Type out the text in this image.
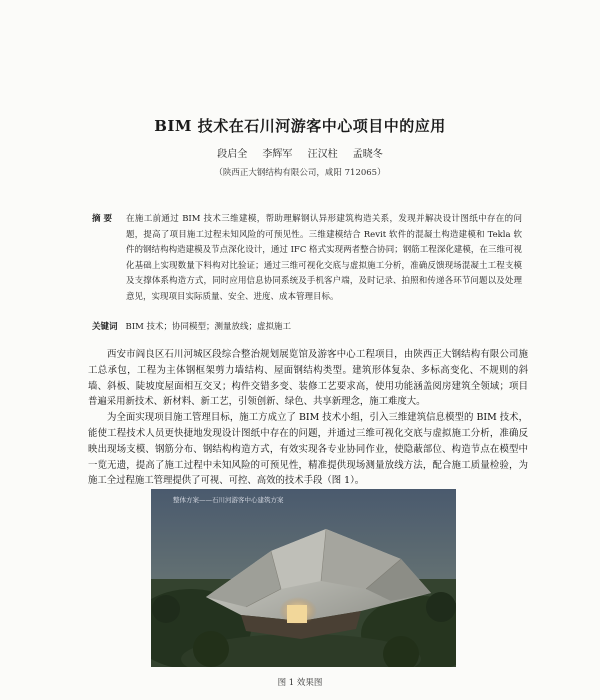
BIM 技术在石川河游客中心项目中的应用
段启全 李辉军 汪汉柱 孟晓冬
（陕西正大钢结构有限公司，咸阳 712065）
摘 要	在施工前通过 BIM 技术三维建模，帮助理解钢认异形建筑构造关系，发现并解决设计图纸中存在的问题，提高了项目施工过程未知风险的可预见性。三维建模结合 Revit 软件的混凝土构造建模和 Tekla 软件的钢结构构造建模及节点深化设计，通过 IFC 格式实现两者整合协同；钢筋工程深化建模，在三维可视化基础上实现数量下料构对比验证；通过三维可视化交底与虚拟施工分析，准确反馈现场混凝土工程支模及支撑体系构造方式，同时应用信息协同系统及手机客户端，及时记录、拍照和传递各环节问题以及处理意见，实现项目实际质量、安全、进度、成本管理目标。
关键词 BIM 技术；协同模型；测量放线；虚拟施工

西安市阎良区石川河城区段综合整治规划展览馆及游客中心工程项目，由陕西正大钢结构有限公司施工总承包，工程为主体钢框架剪力墙结构、屋面钢结构类型。建筑形体复杂、多标高变化、不规则的斜墙、斜板、陡坡度屋面相互交叉；构件交错多变、装修工艺要求高，使用功能涵盖阅房建筑全领域；项目普遍采用新技术、新材料、新工艺，引领创新、绿色、共享新理念，施工难度大。

为全面实现项目施工管理目标，施工方成立了 BIM 技术小组，引入三维建筑信息模型的 BIM 技术，能使工程技术人员更快捷地发现设计图纸中存在的问题，并通过三维可视化交底与虚拟施工分析，准确反映出现场支模、钢筋分布、钢结构构造方式，有效实现各专业协同作业，使隐蔽部位、构造节点在模型中一览无遗，提高了施工过程中未知风险的可预见性，精准提供现场测量放线方法，配合施工质量检验，为施工全过程施工管理提供了可视、可控、高效的技术手段（图 1）。

整体方案——石川河游客中心建筑方案
图 1 效果图
